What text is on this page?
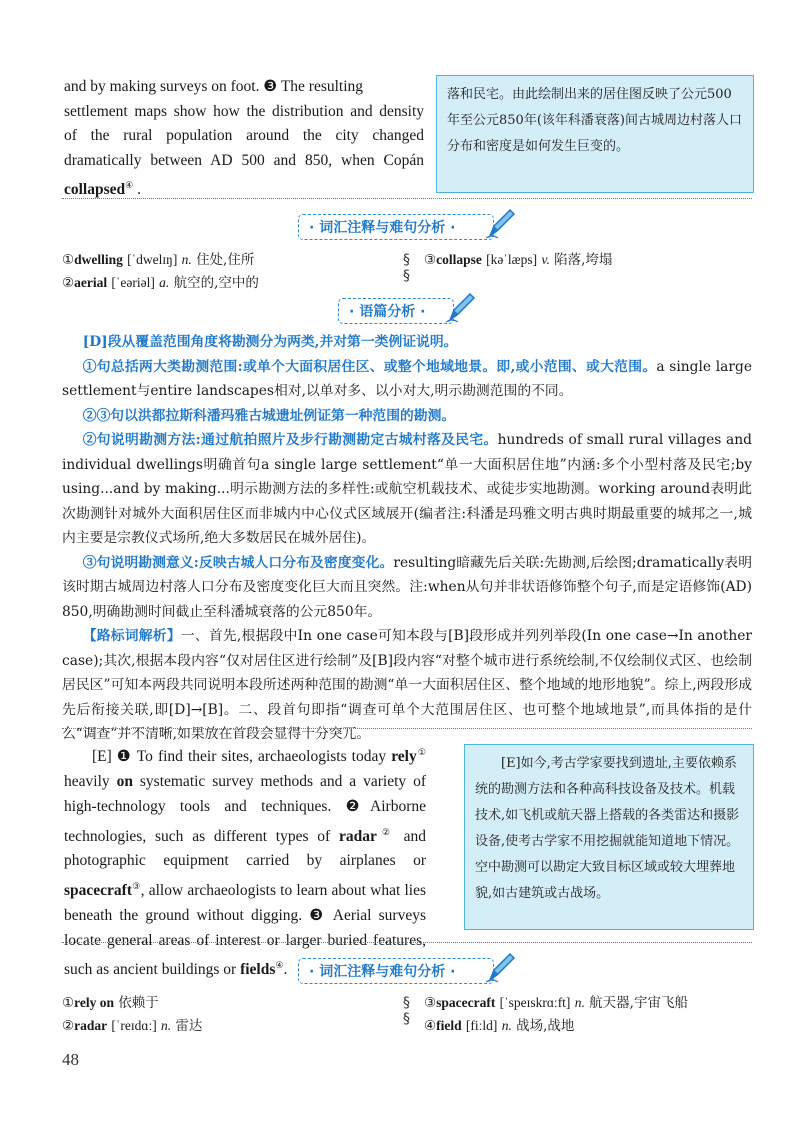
and by making surveys on foot. ❸ The resulting
settlement maps show how the distribution and density
of the rural population around the city changed
dramatically between AD 500 and 850, when Copán
collapsed④ .
落和民宅。由此绘制出来的居住图反映了公元500年至公元850年(该年科潘衰落)间古城周边村落人口分布和密度是如何发生巨变的。
· 词汇注释与难句分析 ·
①dwelling [ˈdwelɪŋ] n. 住处,住所
②aerial [ˈeəriəl] a. 航空的,空中的
§
§
③collapse [kəˈlæps] v. 陷落,垮塌
· 语篇分析 ·
[D]段从覆盖范围角度将勘测分为两类,并对第一类例证说明。
①句总括两大类勘测范围:或单个大面积居住区、或整个地域地景。即,或小范围、或大范围。a single large settlement与entire landscapes相对,以单对多、以小对大,明示勘测范围的不同。
②③句以洪都拉斯科潘玛雅古城遗址例证第一种范围的勘测。
②句说明勘测方法:通过航拍照片及步行勘测勘定古城村落及民宅。hundreds of small rural villages and individual dwellings明确首句a single large settlement“单一大面积居住地”内涵:多个小型村落及民宅;by using...and by making...明示勘测方法的多样性:或航空机载技术、或徒步实地勘测。working around表明此次勘测针对城外大面积居住区而非城内中心仪式区域展开(编者注:科潘是玛雅文明古典时期最重要的城邦之一,城内主要是宗教仪式场所,绝大多数居民在城外居住)。
③句说明勘测意义:反映古城人口分布及密度变化。resulting暗藏先后关联:先勘测,后绘图;dramatically表明该时期古城周边村落人口分布及密度变化巨大而且突然。注:when从句并非状语修饰整个句子,而是定语修饰(AD) 850,明确勘测时间截止至科潘城衰落的公元850年。
【路标词解析】一、首先,根据段中In one case可知本段与[B]段形成并列列举段(In one case→In another case);其次,根据本段内容“仅对居住区进行绘制”及[B]段内容“对整个城市进行系统绘制,不仅绘制仪式区、也绘制居民区”可知本两段共同说明本段所述两种范围的勘测“单一大面积居住区、整个地域的地形地貌”。综上,两段形成先后衔接关联,即[D]→[B]。二、段首句即指“调查可单个大范围居住区、也可整个地域地景”,而具体指的是什么“调查”并不清晰,如果放在首段会显得十分突兀。
[E] ❶ To find their sites, archaeologists today rely① heavily on systematic survey methods and a variety of high-technology tools and techniques. ❷Airborne technologies, such as different types of radar② and photographic equipment carried by airplanes or spacecraft③, allow archaeologists to learn about what lies beneath the ground without digging. ❸ Aerial surveys locate general areas of interest or larger buried features, such as ancient buildings or fields④.
[E]如今,考古学家要找到遗址,主要依赖系统的勘测方法和各种高科技设备及技术。机载技术,如飞机或航天器上搭载的各类雷达和摄影设备,使考古学家不用挖掘就能知道地下情况。空中勘测可以勘定大致目标区域或较大埋葬地貌,如古建筑或古战场。
· 词汇注释与难句分析 ·
①rely on 依赖于
②radar [ˈreɪdɑː] n. 雷达
§
§
③spacecraft [ˈspeɪskrɑːft] n. 航天器,宇宙飞船
④field [fiːld] n. 战场,战地
48
